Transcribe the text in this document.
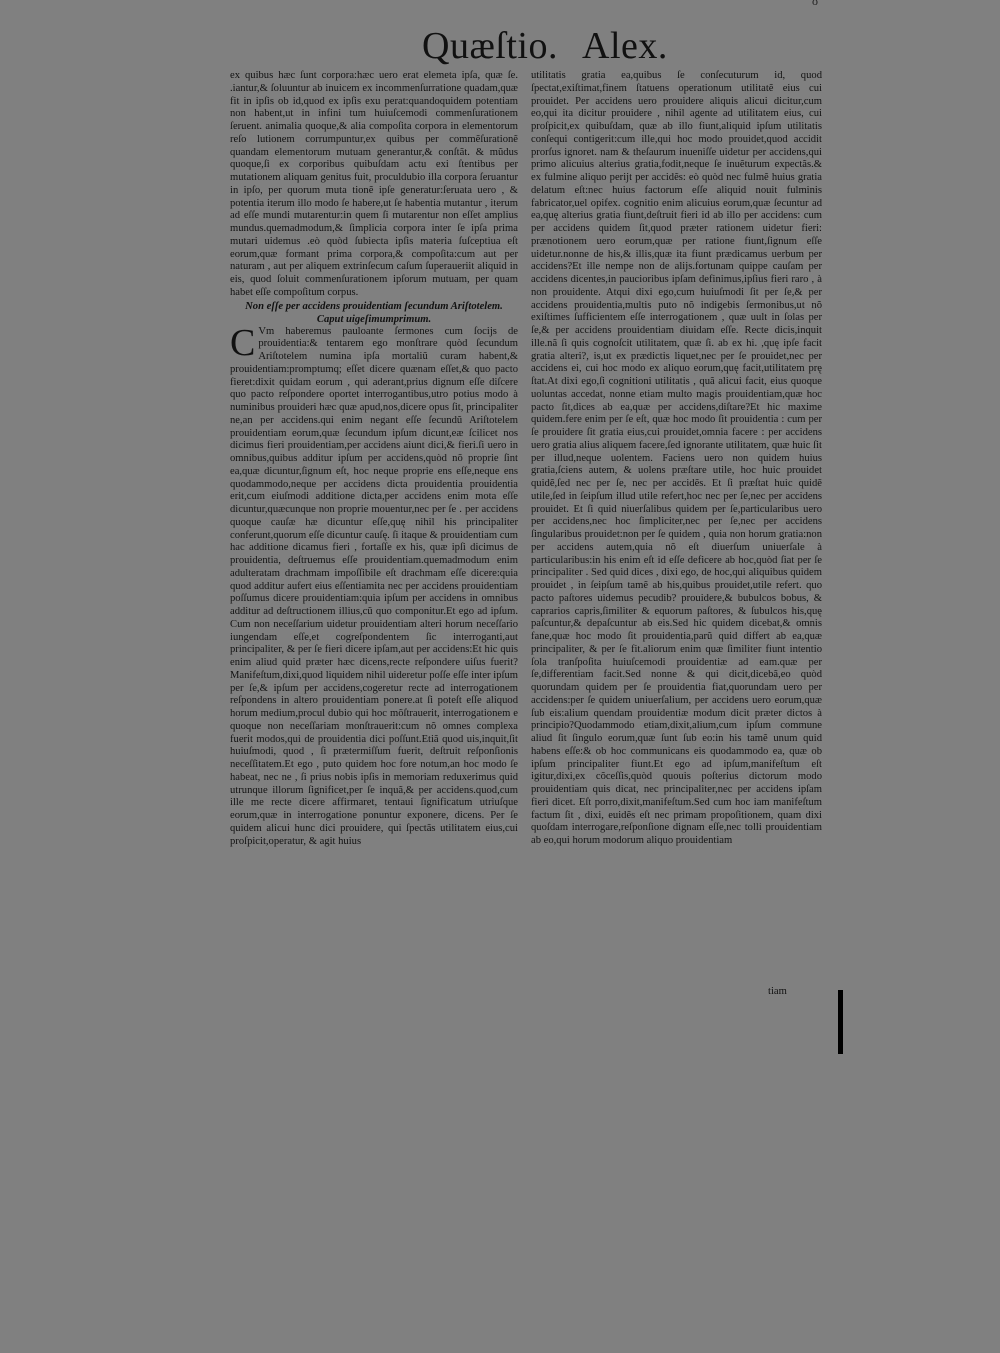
o
Quæſtio. Alex.

ex quibus hæc ſunt corpora:hæc uero erat elemeta ipſa, quæ ſe. .iantur,& ſoluuntur ab inuicem ex incommenſurratione quadam,quæ fit in ipſis ob id,quod ex ipſis exu perat:quandoquidem potentiam non habent,ut in infini tum huiuſcemodi commenſurationem ſeruent. animalia quoque,& alia compoſita corpora in elementorum reſo lutionem corrumpuntur,ex quibus per commẽſurationẽ quandam elementorum mutuam generantur,& conſtãt. & mũdus quoque,ſi ex corporibus quibuſdam actu exi ſtentibus per mutationem aliquam genitus fuit, proculdubio illa corpora ſeruantur in ipſo, per quorum muta tionẽ ipſe generatur:ſeruata uero , & potentia iterum illo modo ſe habere,ut ſe habentia mutantur , iterum ad eſſe mundi mutarentur:in quem ſi mutarentur non eſſet amplius mundus.quemadmodum,& ſimplicia corpora inter ſe ipſa prima mutari uidemus .eò quòd ſubiecta ipſis materia ſuſceptiua eſt eorum,quæ formant prima corpora,& compoſita:cum aut per naturam , aut per aliquem extrinſecum caſum ſuperaueriit aliquid in eis, quod ſoluit commenſurationem ipſorum mutuam, per quam habet eſſe compoſitum corpus.

Non eſſe per accidens prouidentiam ſecundum Ariſtotelem. Caput uigeſimumprimum.

CVm haberemus pauloante ſermones cum ſocijs de prouidentia:& tentarem ego monſtrare quòd ſecundum Ariſtotelem numina ipſa mortaliũ curam habent,& prouidentiam:promptumq; eſſet dicere quænam eſſet,& quo pacto fieret:dixit quidam eorum , qui aderant,prius dignum eſſe diſcere quo pacto reſpondere oportet interrogantibus,utro potius modo à numinibus prouideri hæc quæ apud,nos,dicere opus ſit, principaliter ne,an per accidens.qui enim negant eſſe ſecundũ Ariſtotelem prouidentiam eorum,quæ ſecundum ipſum dicunt,eæ ſcilicet nos dicimus fieri prouidentiam,per accidens aiunt dici,& fieri.ſi uero in omnibus,quibus additur ipſum per accidens,quòd nõ proprie ſint ea,quæ dicuntur,ſignum eſt, hoc neque proprie ens eſſe,neque ens quodammodo,neque per accidens dicta prouidentia prouidentia erit,cum eiuſmodi additione dicta,per accidens enim mota eſſe dicuntur,quæcunque non proprie mouentur,nec per ſe . per accidens quoque cauſæ hæ dicuntur eſſe,quę nihil his principaliter conferunt,quorum eſſe dicuntur cauſę. ſi itaque & prouidentiam cum hac additione dicamus fieri , fortaſſe ex his, quæ ipſi dicimus de prouidentia, deſtruemus eſſe prouidentiam.quemadmodum enim adulteratam drachmam impoſſibile eſt drachmam eſſe dicere:quia quod additur aufert eius eſſentiamita nec per accidens prouidentiam poſſumus dicere prouidentiam:quia ipſum per accidens in omnibus additur ad deſtructionem illius,cũ quo componitur.Et ego ad ipſum. Cum non neceſſarium uidetur prouidentiam alteri horum neceſſario iungendam eſſe,et cogreſpondentem ſic interroganti,aut principaliter, & per ſe fieri dicere ipſam,aut per accidens:Et hic quis enim aliud quid præter hæc dicens,recte reſpondere uiſus fuerit?Manifeſtum,dixi,quod liquidem nihil uideretur poſſe eſſe inter ipſum per ſe,& ipſum per accidens,cogeretur recte ad interrogationem reſpondens in altero prouidentiam ponere.at ſi poteſt eſſe aliquod horum medium,procul dubio qui hoc mõſtrauerit, interrogationem e quoque non neceſſariam monſtrauerit:cum nõ omnes complexa fuerit modos,qui de prouidentia dici poſſunt.Etiã quod uis,inquit,ſit huiuſmodi, quod , ſi prætermiſſum fuerit, deſtruit reſponſionis neceſſitatem.Et ego , puto quidem hoc fore notum,an hoc modo ſe habeat, nec ne , ſi prius nobis ipſis in memoriam reduxerimus quid utrunque illorum ſignificet,per ſe inquã,& per accidens.quod,cum ille me recte dicere affirmaret, tentaui ſignificatum utriuſque eorum,quæ in interrogatione ponuntur exponere, dicens. Per ſe quidem alicui hunc dici prouidere, qui ſpectãs utilitatem eius,cui proſpicit,operatur, & agit huius

utilitatis gratia ea,quibus ſe conſecuturum id, quod ſpectat,exiſtimat,finem ſtatuens operationum utilitatẽ eius cui prouidet. Per accidens uero prouidere aliquis alicui dicitur,cum eo,qui ita dicitur prouidere , nihil agente ad utilitatem eius, cui proſpicit,ex quibuſdam, quæ ab illo fiunt,aliquid ipſum utilitatis conſequi contigerit:cum ille,qui hoc modo prouidet,quod accidit prorſus ignoret. nam & theſaurum inueniſſe uidetur per accidens,qui primo alicuius alterius gratia,fodit,neque ſe inuẽturum expectãs.& ex fulmine aliquo perijt per accidẽs: eò quòd nec fulmẽ huius gratia delatum eſt:nec huius factorum eſſe aliquid nouit fulminis fabricator,uel opifex. cognitio enim alicuius eorum,quæ ſecuntur ad ea,quę alterius gratia fiunt,deſtruit fieri id ab illo per accidens: cum per accidens quidem ſit,quod præter rationem uidetur fieri: prænotionem uero eorum,quæ per ratione fiunt,ſignum eſſe uidetur.nonne de his,& illis,quæ ita fiunt prædicamus uerbum per accidens?Et ille nempe non de alijs.fortunam quippe cauſam per accidens dicentes,in paucioribus ipſam definimus,ipſius fieri raro , à non prouidente. Atqui dixi ego,cum huiuſmodi ſit per ſe,& per accidens prouidentia,multis puto nõ indigebis ſermonibus,ut nõ exiſtimes ſufficientem eſſe interrogationem , quæ uult in ſolas per ſe,& per accidens prouidentiam diuidam eſſe. Recte dicis,inquit ille.nã ſi quis cognoſcit utilitatem, quæ ſi. ab ex hi. ,quę ipſe facit gratia alteri?, is,ut ex prædictis liquet,nec per ſe prouidet,nec per accidens ei, cui hoc modo ex aliquo eorum,quę facit,utilitatem prę ſtat.At dixi ego,ſi cognitioni utilitatis , quã alicui facit, eius quoque uoluntas accedat, nonne etiam multo magis prouidentiam,quæ hoc pacto ſit,dices ab ea,quæ per accidens,diſtare?Et hic maxime quidem.fere enim per ſe eſt, quæ hoc modo ſit prouidentia : cum per ſe prouidere ſit gratia eius,cui prouidet,omnia facere : per accidens uero gratia alius aliquem facere,ſed ignorante utilitatem, quæ huic ſit per illud,neque uolentem. Faciens uero non quidem huius gratia,ſciens autem, & uolens præſtare utile, hoc huic prouidet quidẽ,ſed nec per ſe, nec per accidẽs. Et ſi præſtat huic quidẽ utile,ſed in ſeipſum illud utile refert,hoc nec per ſe,nec per accidens prouidet. Et ſi quid niuerſalibus quidem per ſe,particularibus uero per accidens,nec hoc ſimpliciter,nec per ſe,nec per accidens ſingularibus prouidet:non per ſe quidem , quia non horum gratia:non per accidens autem,quia nõ eſt diuerſum uniuerſale à particularibus:in his enim eſt id eſſe deficere ab hoc,quòd ſiat per ſe principaliter . Sed quid dices , dixi ego, de hoc,qui aliquibus quidem prouidet , in ſeipſum tamẽ ab his,quibus prouidet,utile refert. quo pacto paſtores uidemus pecudib? prouidere,& bubulcos bobus, & caprarios capris,ſimiliter & equorum paſtores, & ſubulcos his,quę paſcuntur,& depaſcuntur ab eis.Sed hic quidem dicebat,& omnis fane,quæ hoc modo ſit prouidentia,parũ quid differt ab ea,quæ principaliter, & per ſe fit.aliorum enim quæ ſimiliter fiunt intentio ſola tranſpoſita huiuſcemodi prouidentiæ ad eam.quæ per ſe,differentiam facit.Sed nonne & qui dicit,dicebã,eo quòd quorundam quidem per ſe prouidentia fiat,quorundam uero per accidens:per ſe quidem uniuerſalium, per accidens uero eorum,quæ ſub eis:alium quendam prouidentiæ modum dicit præter dictos à principio?Quodammodo etiam,dixit,alium,cum ipſum commune aliud ſit ſingulo eorum,quæ ſunt ſub eo:in his tamẽ unum quid habens eſſe:& ob hoc communicans eis quodammodo ea, quæ ob ipſum principaliter fiunt.Et ego ad ipſum,manifeſtum eſt igitur,dixi,ex cõceſſis,quòd quouis poſterius dictorum modo prouidentiam quis dicat, nec principaliter,nec per accidens ipſam fieri dicet. Eſt porro,dixit,manifeſtum.Sed cum hoc iam manifeſtum factum ſit , dixi, euidẽs eſt nec primam propoſitionem, quam dixi quoſdam interrogare,reſponſione dignam eſſe,nec tolli prouidentiam ab eo,qui horum modorum aliquo prouidentiam

tiam
